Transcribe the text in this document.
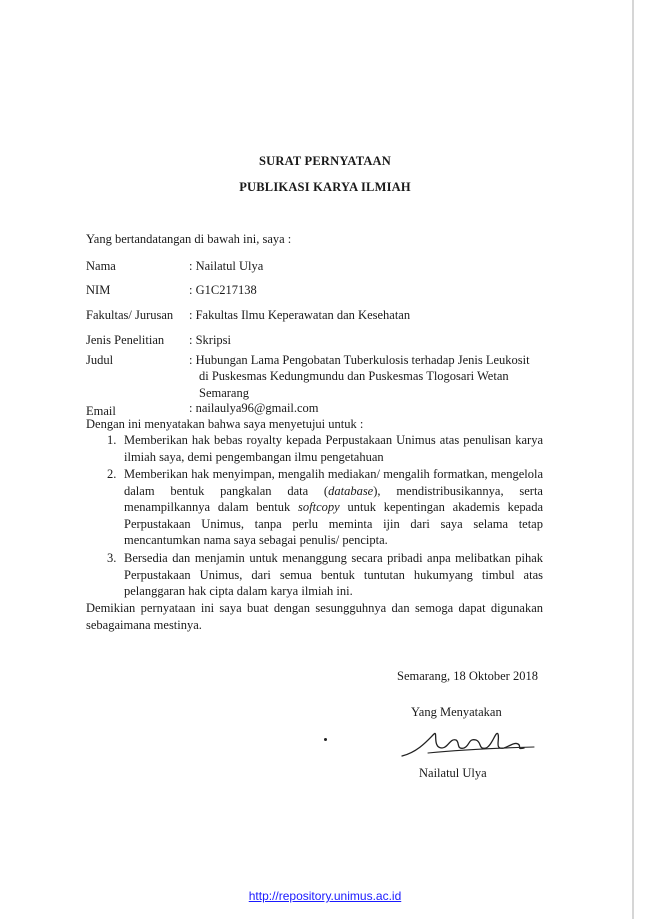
SURAT PERNYATAAN
PUBLIKASI KARYA ILMIAH
Yang bertandatangan di bawah ini, saya :
Nama	: Nailatul Ulya
NIM	: G1C217138
Fakultas/ Jurusan : Fakultas Ilmu Keperawatan dan Kesehatan
Jenis Penelitian : Skripsi
Judul	: Hubungan Lama Pengobatan Tuberkulosis terhadap Jenis Leukosit
di Puskesmas Kedungmundu dan Puskesmas Tlogosari Wetan
Semarang
Email	: nailaulya96@gmail.com
Dengan ini menyatakan bahwa saya menyetujui untuk :
1. Memberikan hak bebas royalty kepada Perpustakaan Unimus atas penulisan karya ilmiah saya, demi pengembangan ilmu pengetahuan
2. Memberikan hak menyimpan, mengalih mediakan/ mengalih formatkan, mengelola dalam bentuk pangkalan data (database), mendistribusikannya, serta menampilkannya dalam bentuk softcopy untuk kepentingan akademis kepada Perpustakaan Unimus, tanpa perlu meminta ijin dari saya selama tetap mencantumkan nama saya sebagai penulis/ pencipta.
3. Bersedia dan menjamin untuk menanggung secara pribadi anpa melibatkan pihak Perpustakaan Unimus, dari semua bentuk tuntutan hukumyang timbul atas pelanggaran hak cipta dalam karya ilmiah ini.
Demikian pernyataan ini saya buat dengan sesungguhnya dan semoga dapat digunakan sebagaimana mestinya.
Semarang, 18 Oktober 2018
Yang Menyatakan
Nailatul Ulya
http://repository.unimus.ac.id
